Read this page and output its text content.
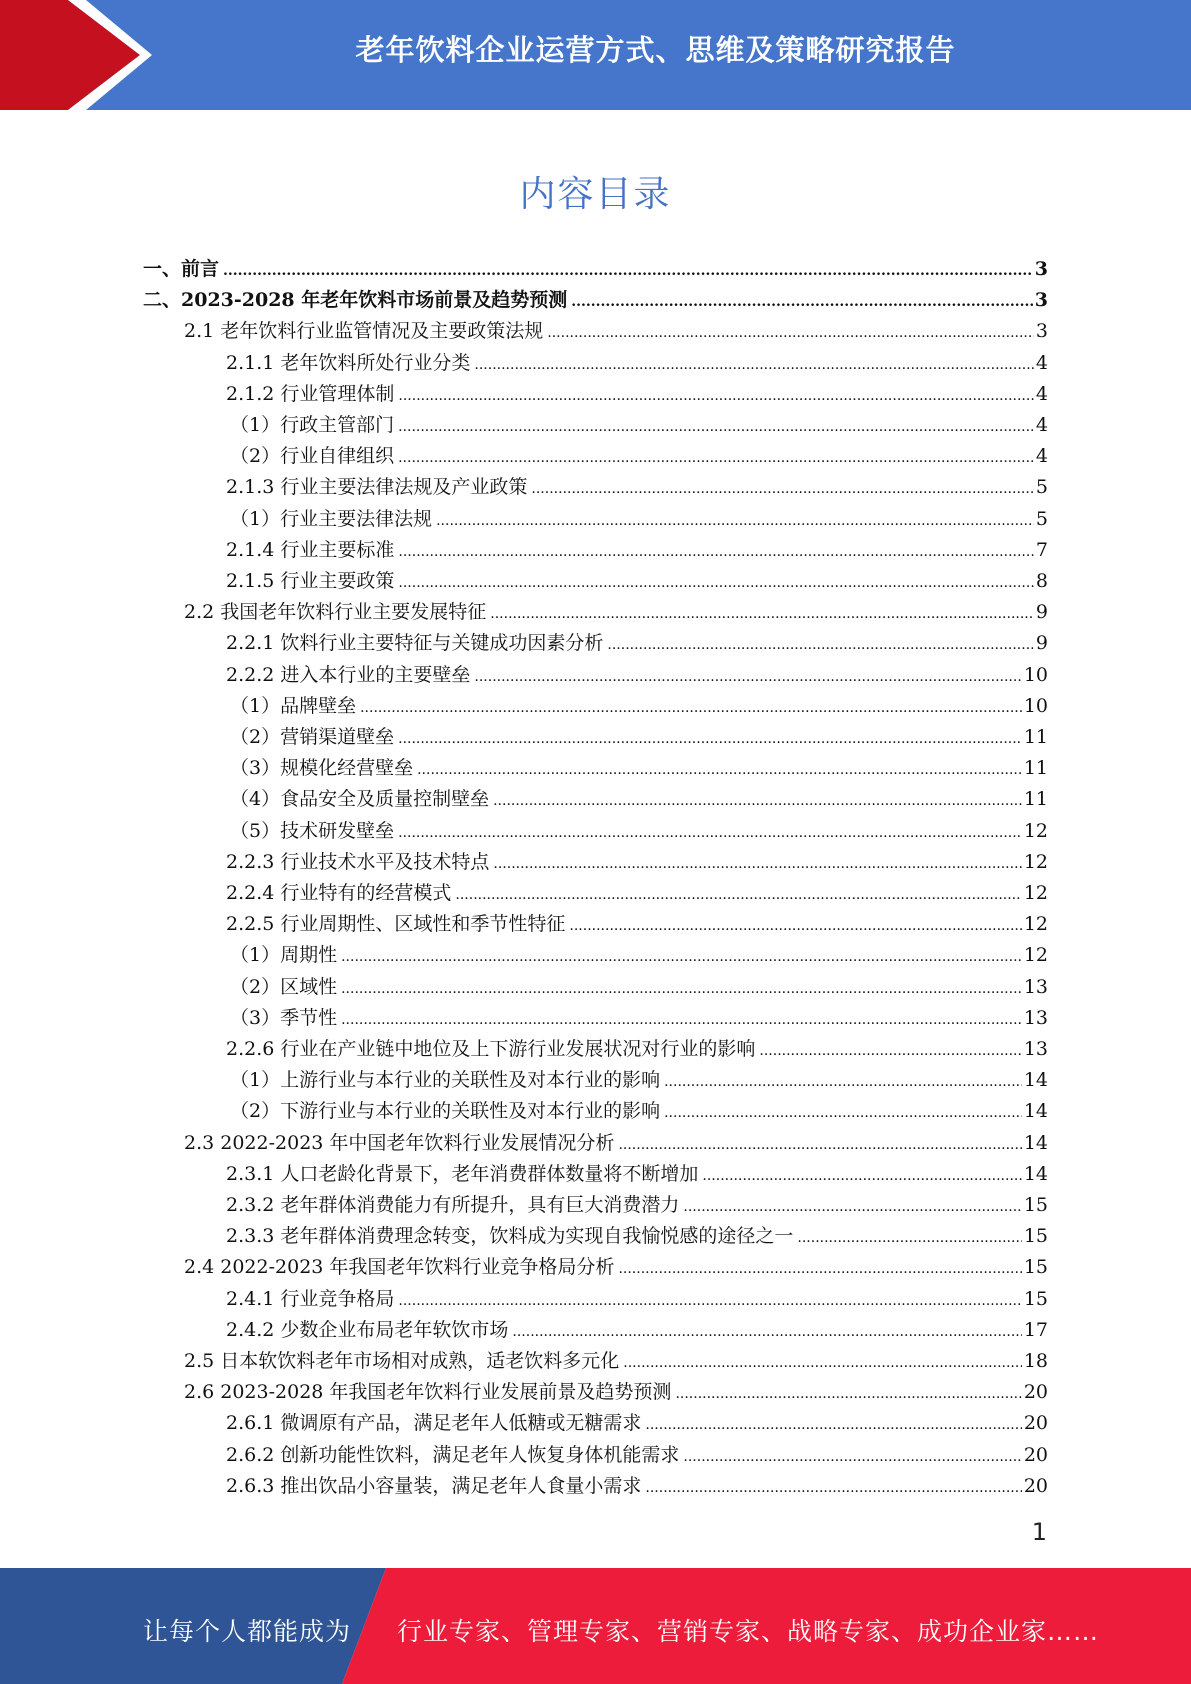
老年饮料企业运营方式、思维及策略研究报告
内容目录
一、前言 .....	3
二、2023-2028 年老年饮料市场前景及趋势预测 .....	3
2.1 老年饮料行业监管情况及主要政策法规 .....	3
2.1.1 老年饮料所处行业分类 .....	4
2.1.2 行业管理体制 .....	4
（1）行政主管部门 .....	4
（2）行业自律组织 .....	4
2.1.3 行业主要法律法规及产业政策 .....	5
（1）行业主要法律法规 .....	5
2.1.4 行业主要标准 .....	7
2.1.5 行业主要政策 .....	8
2.2 我国老年饮料行业主要发展特征 .....	9
2.2.1 饮料行业主要特征与关键成功因素分析 .....	9
2.2.2 进入本行业的主要壁垒 .....	10
（1）品牌壁垒 .....	10
（2）营销渠道壁垒 .....	11
（3）规模化经营壁垒 .....	11
（4）食品安全及质量控制壁垒 .....	11
（5）技术研发壁垒 .....	12
2.2.3 行业技术水平及技术特点 .....	12
2.2.4 行业特有的经营模式 .....	12
2.2.5 行业周期性、区域性和季节性特征 .....	12
（1）周期性 .....	12
（2）区域性 .....	13
（3）季节性 .....	13
2.2.6 行业在产业链中地位及上下游行业发展状况对行业的影响 .....	13
（1）上游行业与本行业的关联性及对本行业的影响 .....	14
（2）下游行业与本行业的关联性及对本行业的影响 .....	14
2.3 2022-2023 年中国老年饮料行业发展情况分析 .....	14
2.3.1 人口老龄化背景下，老年消费群体数量将不断增加 .....	14
2.3.2 老年群体消费能力有所提升，具有巨大消费潜力 .....	15
2.3.3 老年群体消费理念转变，饮料成为实现自我愉悦感的途径之一 .....	15
2.4 2022-2023 年我国老年饮料行业竞争格局分析 .....	15
2.4.1 行业竞争格局 .....	15
2.4.2 少数企业布局老年软饮市场 .....	17
2.5 日本软饮料老年市场相对成熟，适老饮料多元化 .....	18
2.6 2023-2028 年我国老年饮料行业发展前景及趋势预测 .....	20
2.6.1 微调原有产品，满足老年人低糖或无糖需求 .....	20
2.6.2 创新功能性饮料，满足老年人恢复身体机能需求 .....	20
2.6.3 推出饮品小容量装，满足老年人食量小需求 .....	20
1
让每个人都能成为 行业专家、管理专家、营销专家、战略专家、成功企业家……
